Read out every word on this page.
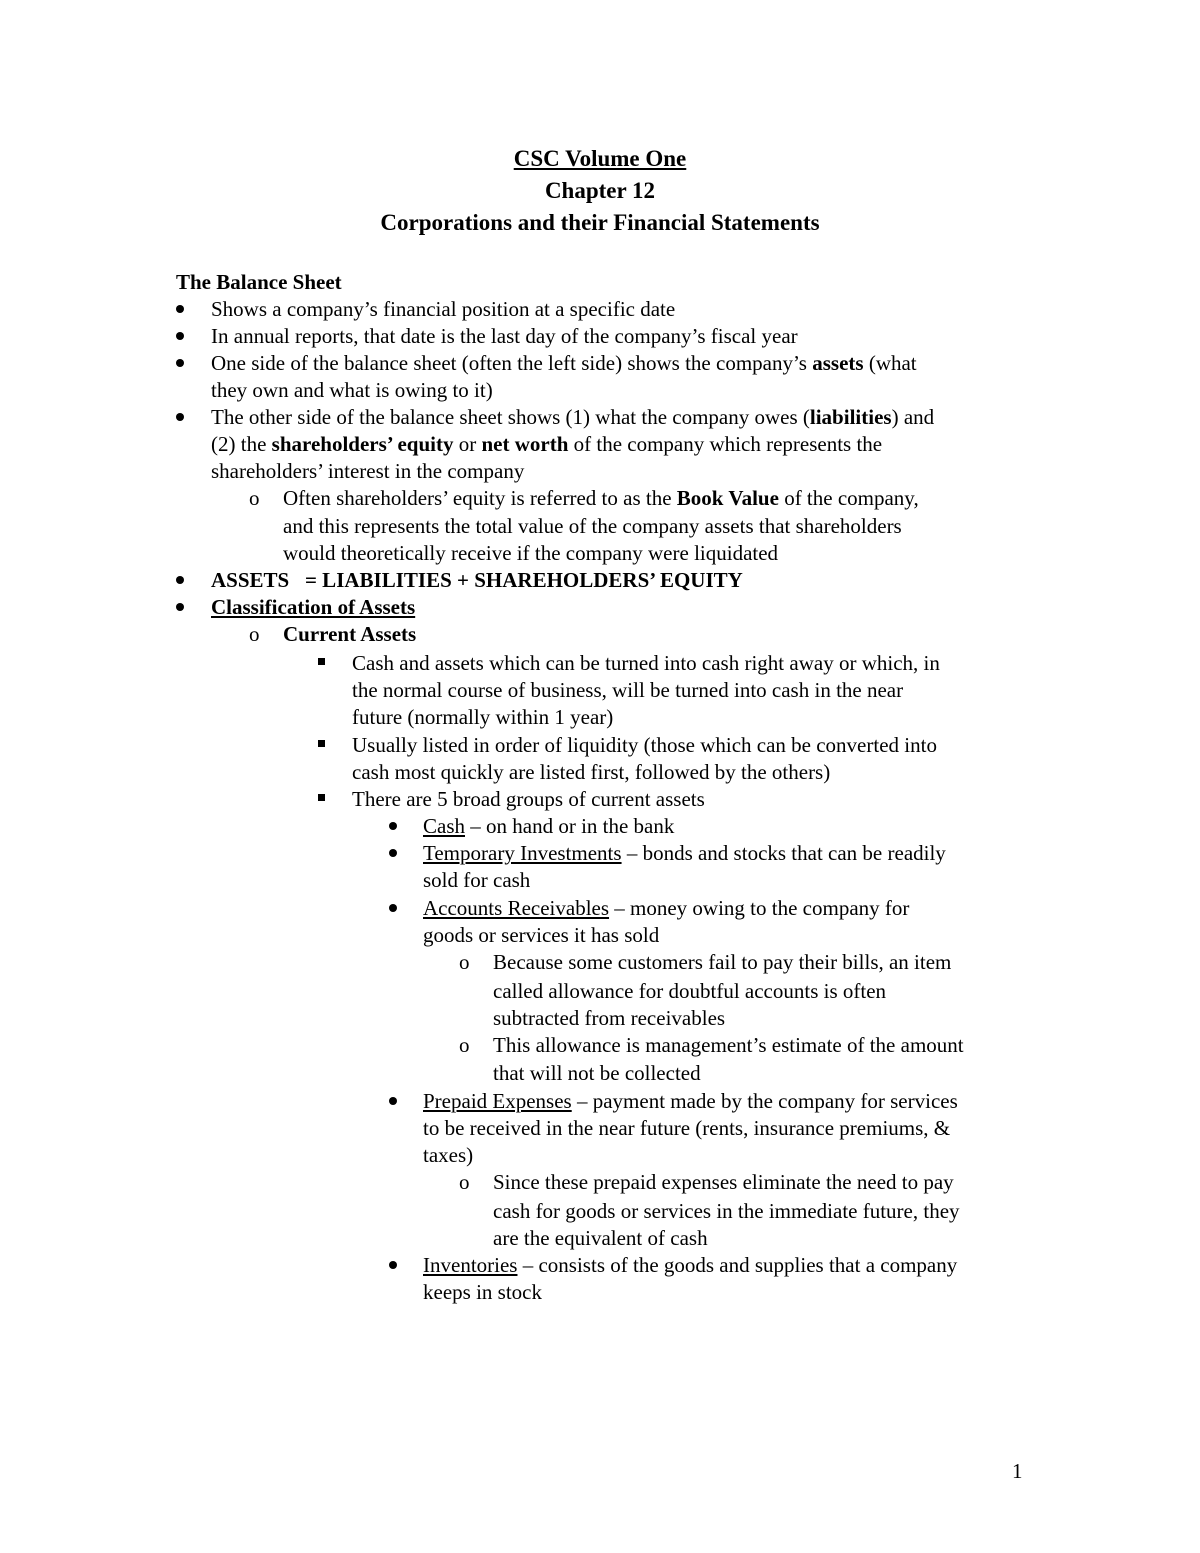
CSC Volume One
Chapter 12
Corporations and their Financial Statements
The Balance Sheet
Shows a company’s financial position at a specific date
In annual reports, that date is the last day of the company’s fiscal year
One side of the balance sheet (often the left side) shows the company’s assets (what
they own and what is owing to it)
The other side of the balance sheet shows (1) what the company owes (liabilities) and
(2) the shareholders’ equity or net worth of the company which represents the
shareholders’ interest in the company
o Often shareholders’ equity is referred to as the Book Value of the company,
and this represents the total value of the company assets that shareholders
would theoretically receive if the company were liquidated
ASSETS   = LIABILITIES + SHAREHOLDERS’ EQUITY
Classification of Assets
o Current Assets
Cash and assets which can be turned into cash right away or which, in
the normal course of business, will be turned into cash in the near
future (normally within 1 year)
Usually listed in order of liquidity (those which can be converted into
cash most quickly are listed first, followed by the others)
There are 5 broad groups of current assets
Cash – on hand or in the bank
Temporary Investments – bonds and stocks that can be readily
sold for cash
Accounts Receivables – money owing to the company for
goods or services it has sold
o Because some customers fail to pay their bills, an item
called allowance for doubtful accounts is often
subtracted from receivables
o This allowance is management’s estimate of the amount
that will not be collected
Prepaid Expenses – payment made by the company for services
to be received in the near future (rents, insurance premiums, &
taxes)
o Since these prepaid expenses eliminate the need to pay
cash for goods or services in the immediate future, they
are the equivalent of cash
Inventories – consists of the goods and supplies that a company
keeps in stock
1
